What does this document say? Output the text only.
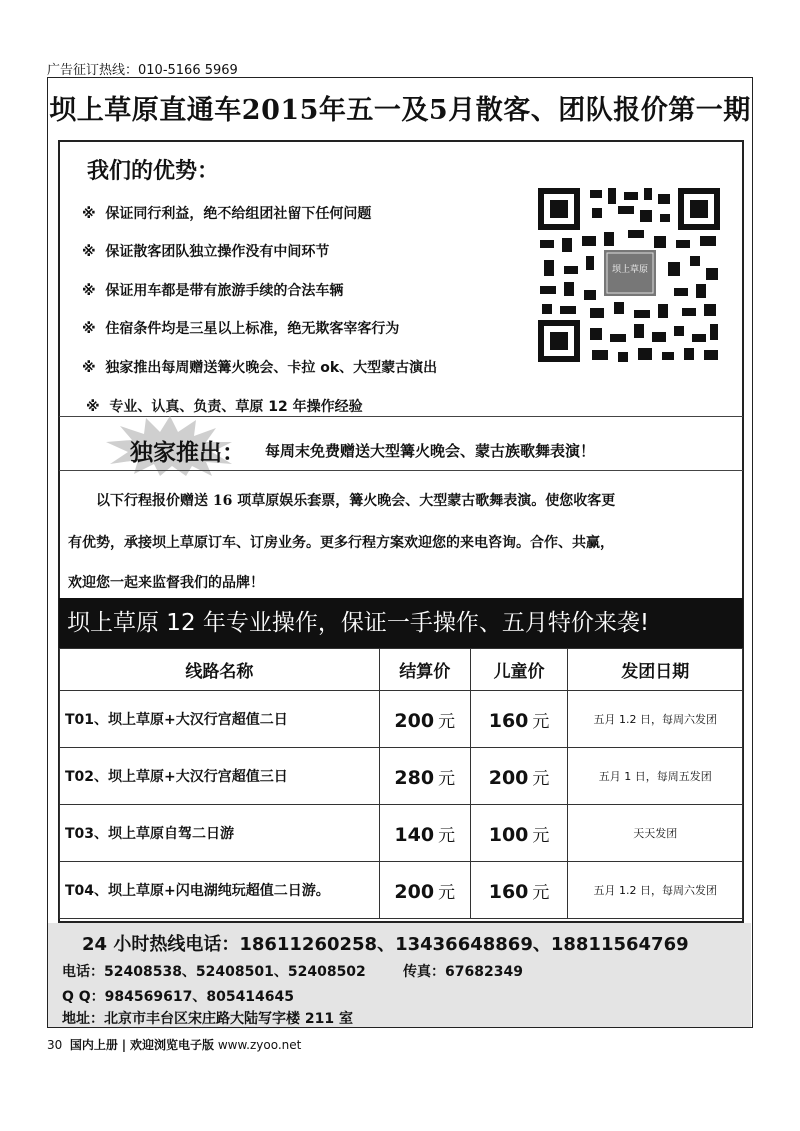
广告征订热线：010-5166 5969
坝上草原直通车2015年五一及5月散客、团队报价第一期
我们的优势：
※ 保证同行利益，绝不给组团社留下任何问题
※ 保证散客团队独立操作没有中间环节
※ 保证用车都是带有旅游手续的合法车辆
※ 住宿条件均是三星以上标准，绝无欺客宰客行为
※ 独家推出每周赠送篝火晚会、卡拉 ok、大型蒙古演出
※ 专业、认真、负责、草原 12 年操作经验
坝上草原
独家推出： 每周末免费赠送大型篝火晚会、蒙古族歌舞表演！
以下行程报价赠送 16 项草原娱乐套票，篝火晚会、大型蒙古歌舞表演。使您收客更
有优势，承接坝上草原订车、订房业务。更多行程方案欢迎您的来电咨询。合作、共赢，
欢迎您一起来监督我们的品牌！
坝上草原 12 年专业操作，保证一手操作、五月特价来袭!
线路名称	结算价	儿童价	发团日期
T01、坝上草原+大汉行宫超值二日	200 元	160 元	五月 1.2 日，每周六发团
T02、坝上草原+大汉行宫超值三日	280 元	200 元	五月 1 日，每周五发团
T03、坝上草原自驾二日游	140 元	100 元	天天发团
T04、坝上草原+闪电湖纯玩超值二日游。	200 元	160 元	五月 1.2 日，每周六发团
24 小时热线电话：18611260258、13436648869、18811564769
电话：52408538、52408501、52408502	传真：67682349
Q Q：984569617、805414645
地址：北京市丰台区宋庄路大陆写字楼 211 室
30 国内上册 | 欢迎浏览电子版 www.zyoo.net
